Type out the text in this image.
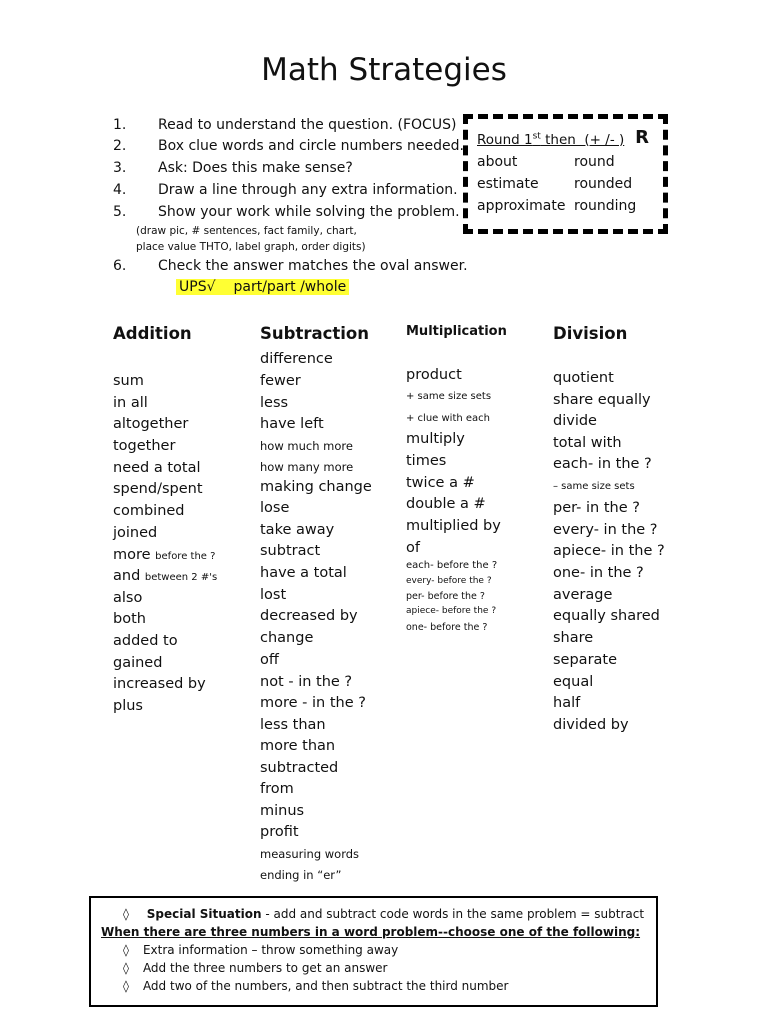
Math Strategies
1. Read to understand the question. (FOCUS)
2. Box clue words and circle numbers needed.
3. Ask: Does this make sense?
4. Draw a line through any extra information.
5. Show your work while solving the problem.
(draw pic, # sentences, fact family, chart,
place value THTO, label graph, order digits)
6. Check the answer matches the oval answer.
UPS√ part/part /whole
Round 1st then  (+ /- ) R
about	round
estimate	rounded
approximate rounding
Addition
sum
in all
altogether
together
need a total
spend/spent
combined
joined
more before the ?
and between 2 #'s
also
both
added to
gained
increased by
plus
Subtraction
difference
fewer
less
have left
how much more
how many more
making change
lose
take away
subtract
have a total
lost
decreased by
change
off
not - in the ?
more - in the ?
less than
more than
subtracted
from
minus
profit
measuring words
ending in “er”
Multiplication
product
+ same size sets
+ clue with each
multiply
times
twice a #
double a #
multiplied by
of
each- before the ?
every- before the ?
per- before the ?
apiece- before the ?
one- before the ?
Division
quotient
share equally
divide
total with
each- in the ?
– same size sets
per- in the ?
every- in the ?
apiece- in the ?
one- in the ?
average
equally shared
share
separate
equal
half
divided by
◊ Special Situation - add and subtract code words in the same problem = subtract
When there are three numbers in a word problem--choose one of the following:
◊ Extra information – throw something away
◊ Add the three numbers to get an answer
◊ Add two of the numbers, and then subtract the third number
